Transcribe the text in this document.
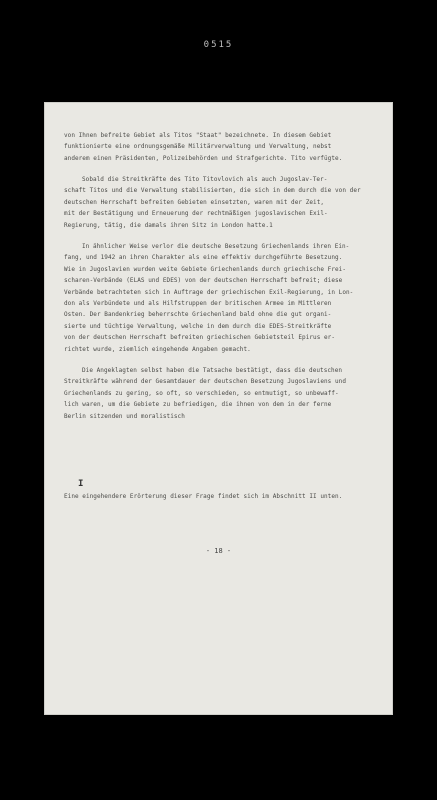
0515
von Ihnen befreite Gebiet als Titos "Staat" bezeichnete. In diesem Gebiet
funktionierte eine ordnungsgemäße Militärverwaltung und Verwaltung, nebst
anderem einen Präsidenten, Polizeibehörden und Strafgerichte. Tito verfügte.
Sobald die Streitkräfte des Tito Titovlovich als auch Jugoslav-Ter-
schaft Titos und die Verwaltung stabilisierten, die sich in dem durch die von der
deutschen Herrschaft befreiten Gebieten einsetzten, waren mit der Zeit,
mit der Bestätigung und Erneuerung der rechtmäßigen jugoslavischen Exil-
Regierung, tätig, die damals ihren Sitz in London hatte.1
In ähnlicher Weise verlor die deutsche Besetzung Griechenlands ihren Ein-
fang, und 1942 an ihren Charakter als eine effektiv durchgeführte Besetzung.
Wie in Jugoslavien wurden weite Gebiete Griechenlands durch griechische Frei-
scharen-Verbände (ELAS und EDES) von der deutschen Herrschaft befreit; diese
Verbände betrachteten sich in Auftrage der griechischen Exil-Regierung, in Lon-
don als Verbündete und als Hilfstruppen der britischen Armee im Mittleren
Osten. Der Bandenkrieg beherrschte Griechenland bald ohne die gut organi-
sierte und tüchtige Verwaltung, welche in dem durch die EDES-Streitkräfte
von der deutschen Herrschaft befreiten griechischen Gebietsteil Epirus er-
richtet wurde, ziemlich eingehende Angaben gemacht.
Die Angeklagten selbst haben die Tatsache bestätigt, dass die deutschen
Streitkräfte während der Gesamtdauer der deutschen Besetzung Jugoslaviens und
Griechenlands zu gering, so oft, so verschieden, so entmutigt, so unbewaff-
lich waren, um die Gebiete zu befriedigen, die ihnen von dem in der ferne
Berlin sitzenden und moralistisch
Eine eingehendere Erörterung dieser Frage findet sich im Abschnitt II unten.
I
- 18 -
